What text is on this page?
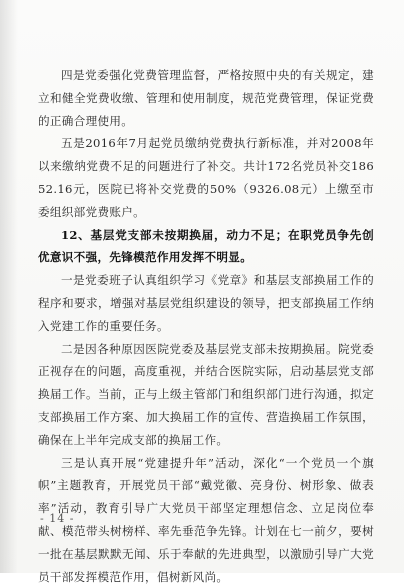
四是党委强化党费管理监督，严格按照中央的有关规定，建立和健全党费收缴、管理和使用制度，规范党费管理，保证党费的正确合理使用。

五是2016年7月起党员缴纳党费执行新标准，并对2008年以来缴纳党费不足的问题进行了补交。共计172名党员补交18652.16元，医院已将补交党费的50%（9326.08元）上缴至市委组织部党费账户。

12、基层党支部未按期换届，动力不足；在职党员争先创优意识不强，先锋模范作用发挥不明显。

一是党委班子认真组织学习《党章》和基层支部换届工作的程序和要求，增强对基层党组织建设的领导，把支部换届工作纳入党建工作的重要任务。

二是因各种原因医院党委及基层党支部未按期换届。院党委正视存在的问题，高度重视，并结合医院实际，启动基层党支部换届工作。当前，正与上级主管部门和组织部门进行沟通，拟定支部换届工作方案、加大换届工作的宣传、营造换届工作氛围，确保在上半年完成支部的换届工作。

三是认真开展“党建提升年”活动，深化“一个党员一个旗帜”主题教育，开展党员干部“戴党徽、亮身份、树形象、做表率”活动，教育引导广大党员干部坚定理想信念、立足岗位奉献、模范带头树榜样、率先垂范争先锋。计划在七一前夕，要树一批在基层默默无闻、乐于奉献的先进典型，以激励引导广大党员干部发挥模范作用，倡树新风尚。

- 14 -
